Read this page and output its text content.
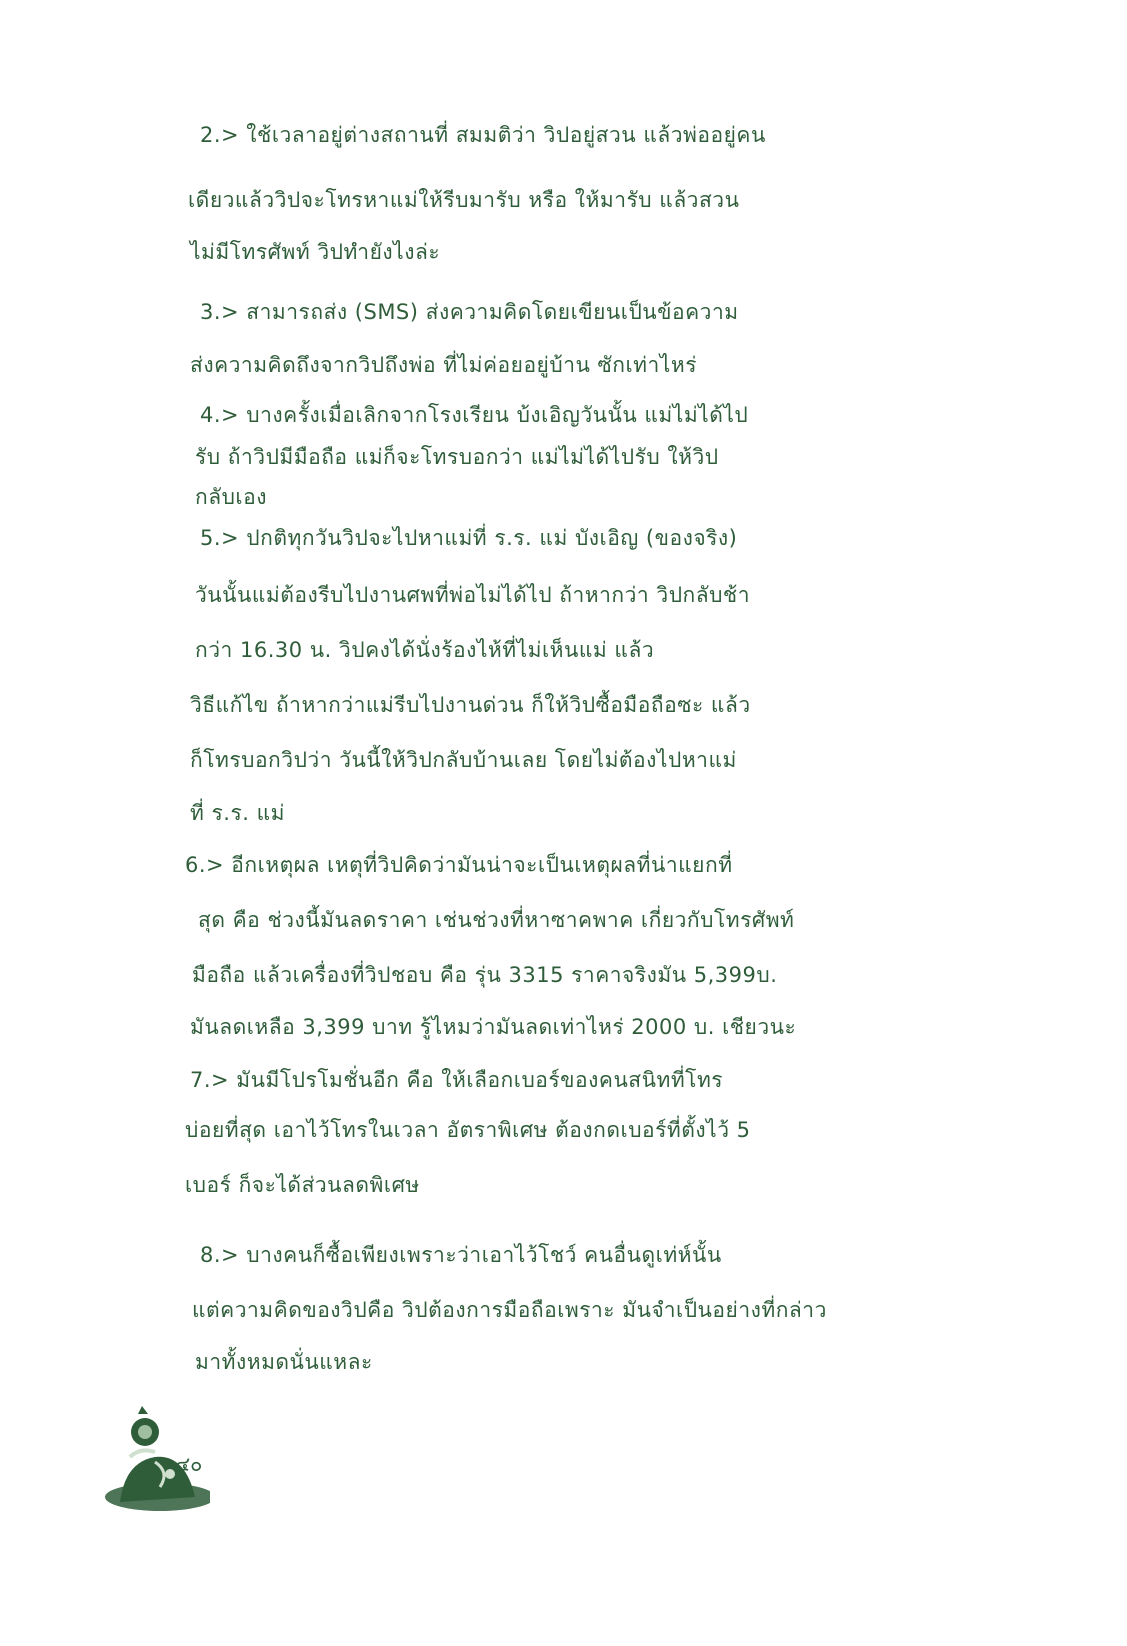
2.> ใช้เวลาอยู่ต่างสถานที่ สมมติว่า วิปอยู่สวน แล้วพ่ออยู่คน
เดียวแล้ววิปจะโทรหาแม่ให้รีบมารับ หรือ ให้มารับ แล้วสวน
ไม่มีโทรศัพท์ วิปทำยังไงล่ะ
3.> สามารถส่ง (SMS) ส่งความคิดโดยเขียนเป็นข้อความ
ส่งความคิดถึงจากวิปถึงพ่อ ที่ไม่ค่อยอยู่บ้าน ซักเท่าไหร่
4.> บางครั้งเมื่อเลิกจากโรงเรียน บ้งเอิญวันนั้น แม่ไม่ได้ไป
รับ ถ้าวิปมีมือถือ แม่ก็จะโทรบอกว่า แม่ไม่ได้ไปรับ ให้วิป
กลับเอง
5.> ปกติทุกวันวิปจะไปหาแม่ที่ ร.ร. แม่ บังเอิญ (ของจริง)
วันนั้นแม่ต้องรีบไปงานศพที่พ่อไม่ได้ไป ถ้าหากว่า วิปกลับช้า
กว่า 16.30 น. วิปคงได้นั่งร้องไห้ที่ไม่เห็นแม่ แล้ว
วิธีแก้ไข ถ้าหากว่าแม่รีบไปงานด่วน ก็ให้วิปซื้อมือถือซะ แล้ว
ก็โทรบอกวิปว่า วันนี้ให้วิปกลับบ้านเลย โดยไม่ต้องไปหาแม่
ที่ ร.ร. แม่
6.> อีกเหตุผล เหตุที่วิปคิดว่ามันน่าจะเป็นเหตุผลที่น่าแยกที่
สุด คือ ช่วงนี้มันลดราคา เช่นช่วงที่หาซาคพาค เกี่ยวกับโทรศัพท์
มือถือ แล้วเครื่องที่วิปชอบ คือ รุ่น 3315 ราคาจริงมัน 5,399บ.
มันลดเหลือ 3,399 บาท รู้ไหมว่ามันลดเท่าไหร่ 2000 บ. เชียวนะ
7.> มันมีโปรโมชั่นอีก คือ ให้เลือกเบอร์ของคนสนิทที่โทร
บ่อยที่สุด เอาไว้โทรในเวลา อัตราพิเศษ ต้องกดเบอร์ที่ตั้งไว้ 5
เบอร์ ก็จะได้ส่วนลดพิเศษ
8.> บางคนก็ซื้อเพียงเพราะว่าเอาไว้โชว์ คนอื่นดูเท่ห์นั้น
แต่ความคิดของวิปคือ วิปต้องการมือถือเพราะ มันจำเป็นอย่างที่กล่าว
มาทั้งหมดนั่นแหละ
๔๐
